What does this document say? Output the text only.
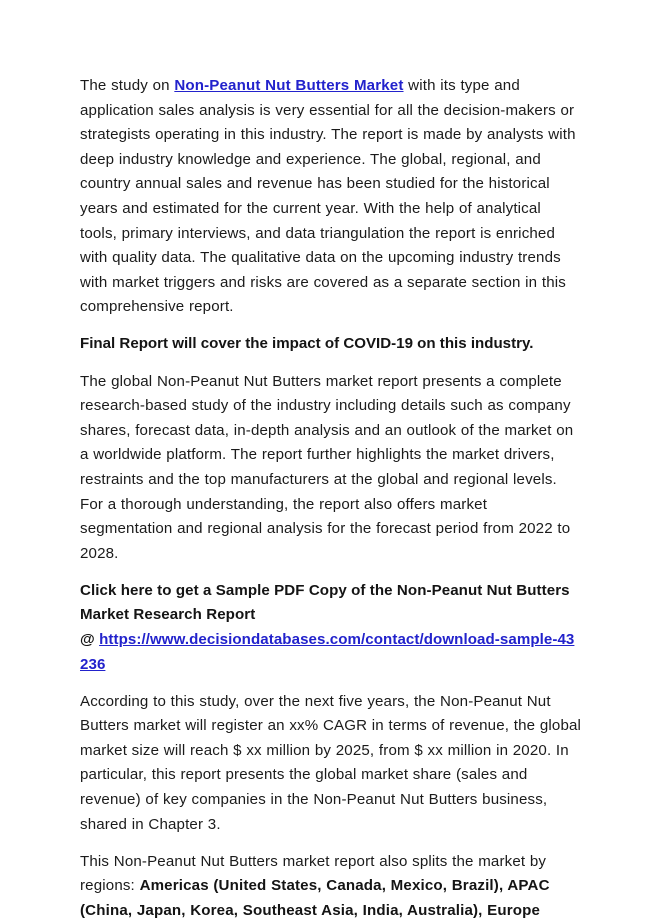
The study on Non-Peanut Nut Butters Market with its type and application sales analysis is very essential for all the decision-makers or strategists operating in this industry. The report is made by analysts with deep industry knowledge and experience. The global, regional, and country annual sales and revenue has been studied for the historical years and estimated for the current year. With the help of analytical tools, primary interviews, and data triangulation the report is enriched with quality data. The qualitative data on the upcoming industry trends with market triggers and risks are covered as a separate section in this comprehensive report.

Final Report will cover the impact of COVID-19 on this industry.

The global Non-Peanut Nut Butters market report presents a complete research-based study of the industry including details such as company shares, forecast data, in-depth analysis and an outlook of the market on a worldwide platform. The report further highlights the market drivers, restraints and the top manufacturers at the global and regional levels. For a thorough understanding, the report also offers market segmentation and regional analysis for the forecast period from 2022 to 2028.

Click here to get a Sample PDF Copy of the Non-Peanut Nut Butters
Market Research Report
@ https://www.decisiondatabases.com/contact/download-sample-43236

According to this study, over the next five years, the Non-Peanut Nut Butters market will register an xx% CAGR in terms of revenue, the global market size will reach $ xx million by 2025, from $ xx million in 2020. In particular, this report presents the global market share (sales and revenue) of key companies in the Non-Peanut Nut Butters business, shared in Chapter 3.

This Non-Peanut Nut Butters market report also splits the market by regions: Americas (United States, Canada, Mexico, Brazil), APAC (China, Japan, Korea, Southeast Asia, India, Australia), Europe
